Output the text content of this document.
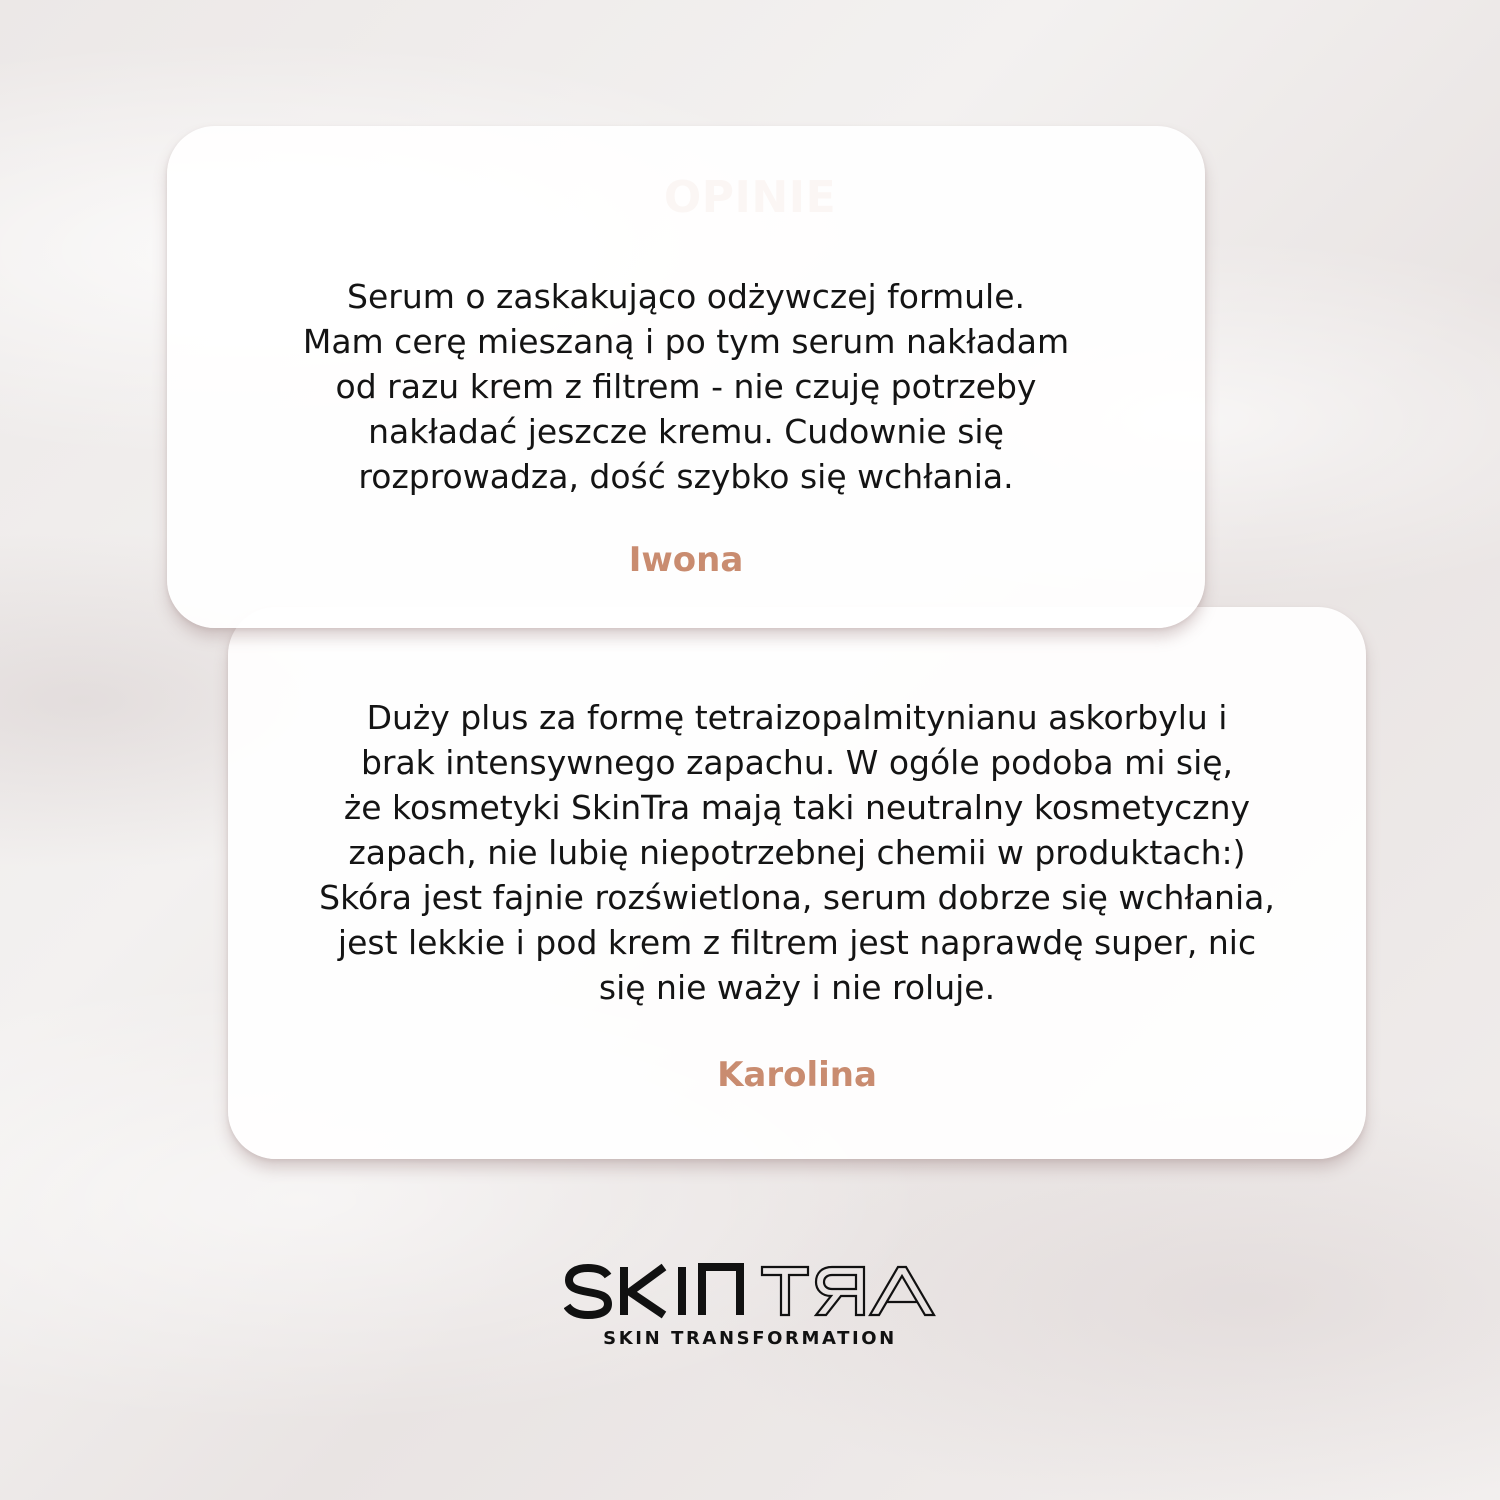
Serum o zaskakująco odżywczej formule.
Mam cerę mieszaną i po tym serum nakładam
od razu krem z filtrem - nie czuję potrzeby
nakładać jeszcze kremu. Cudownie się
rozprowadza, dość szybko się wchłania.

Iwona

Duży plus za formę tetraizopalmitynianu askorbylu i
brak intensywnego zapachu. W ogóle podoba mi się,
że kosmetyki SkinTra mają taki neutralny kosmetyczny
zapach, nie lubię niepotrzebnej chemii w produktach:)
Skóra jest fajnie rozświetlona, serum dobrze się wchłania,
jest lekkie i pod krem z filtrem jest naprawdę super, nic
się nie waży i nie roluje.

Karolina

SKIN TRANSFORMATION
